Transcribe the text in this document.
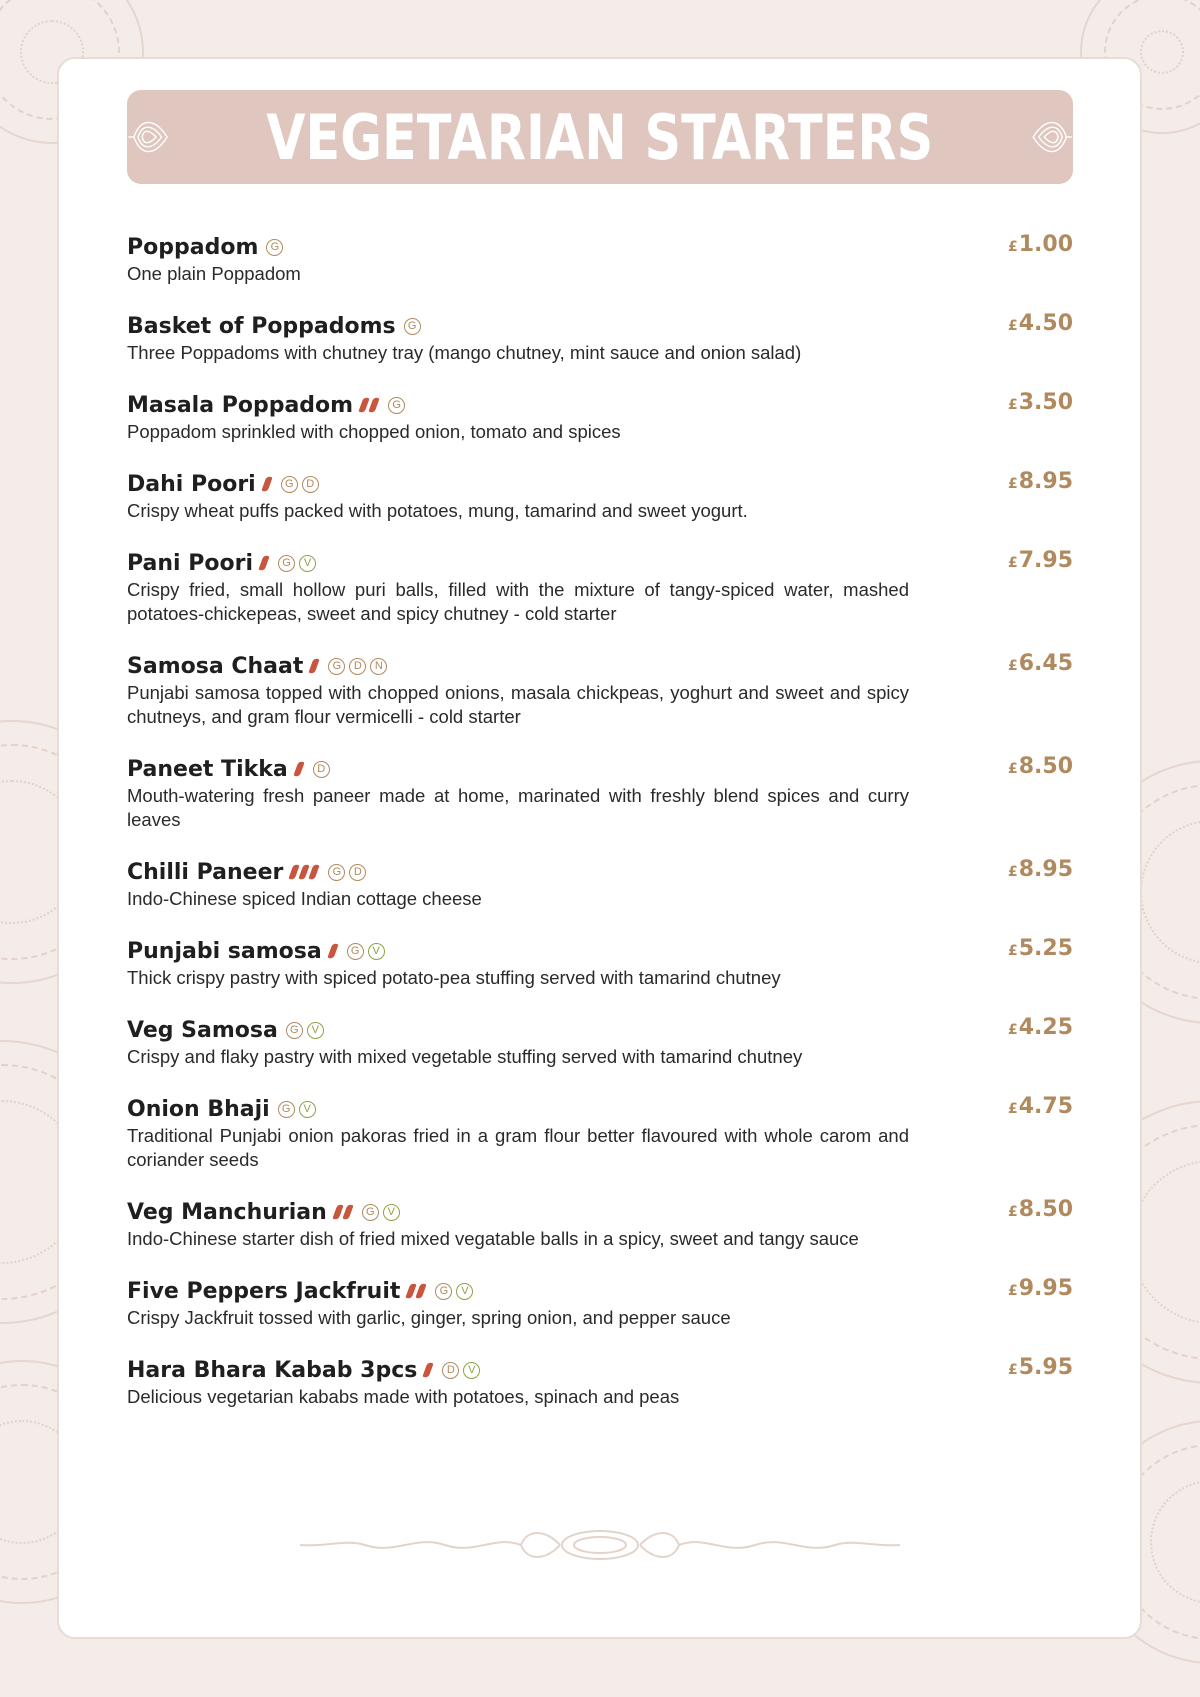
VEGETARIAN STARTERS
Poppadom	G	£1.00
One plain Poppadom
Basket of Poppadoms	G	£4.50
Three Poppadoms with chutney tray (mango chutney, mint sauce and onion salad)
Masala Poppadom	G	£3.50
Poppadom sprinkled with chopped onion, tomato and spices
Dahi Poori	G	D	£8.95
Crispy wheat puffs packed with potatoes, mung, tamarind and sweet yogurt.
Pani Poori	G	V	£7.95
Crispy fried, small hollow puri balls, filled with the mixture of tangy-spiced water, mashed potatoes-chickepeas, sweet and spicy chutney - cold starter
Samosa Chaat	G	D	N	£6.45
Punjabi samosa topped with chopped onions, masala chickpeas, yoghurt and sweet and spicy chutneys, and gram flour vermicelli - cold starter
Paneet Tikka	D	£8.50
Mouth-watering fresh paneer made at home, marinated with freshly blend spices and curry leaves
Chilli Paneer	G	D	£8.95
Indo-Chinese spiced Indian cottage cheese
Punjabi samosa	G	V	£5.25
Thick crispy pastry with spiced potato-pea stuffing served with tamarind chutney
Veg Samosa	G	V	£4.25
Crispy and flaky pastry with mixed vegetable stuffing served with tamarind chutney
Onion Bhaji	G	V	£4.75
Traditional Punjabi onion pakoras fried in a gram flour better flavoured with whole carom and coriander seeds
Veg Manchurian	G	V	£8.50
Indo-Chinese starter dish of fried mixed vegatable balls in a spicy, sweet and tangy sauce
Five Peppers Jackfruit	G	V	£9.95
Crispy Jackfruit tossed with garlic, ginger, spring onion, and pepper sauce
Hara Bhara Kabab 3pcs	D	V	£5.95
Delicious vegetarian kababs made with potatoes, spinach and peas
